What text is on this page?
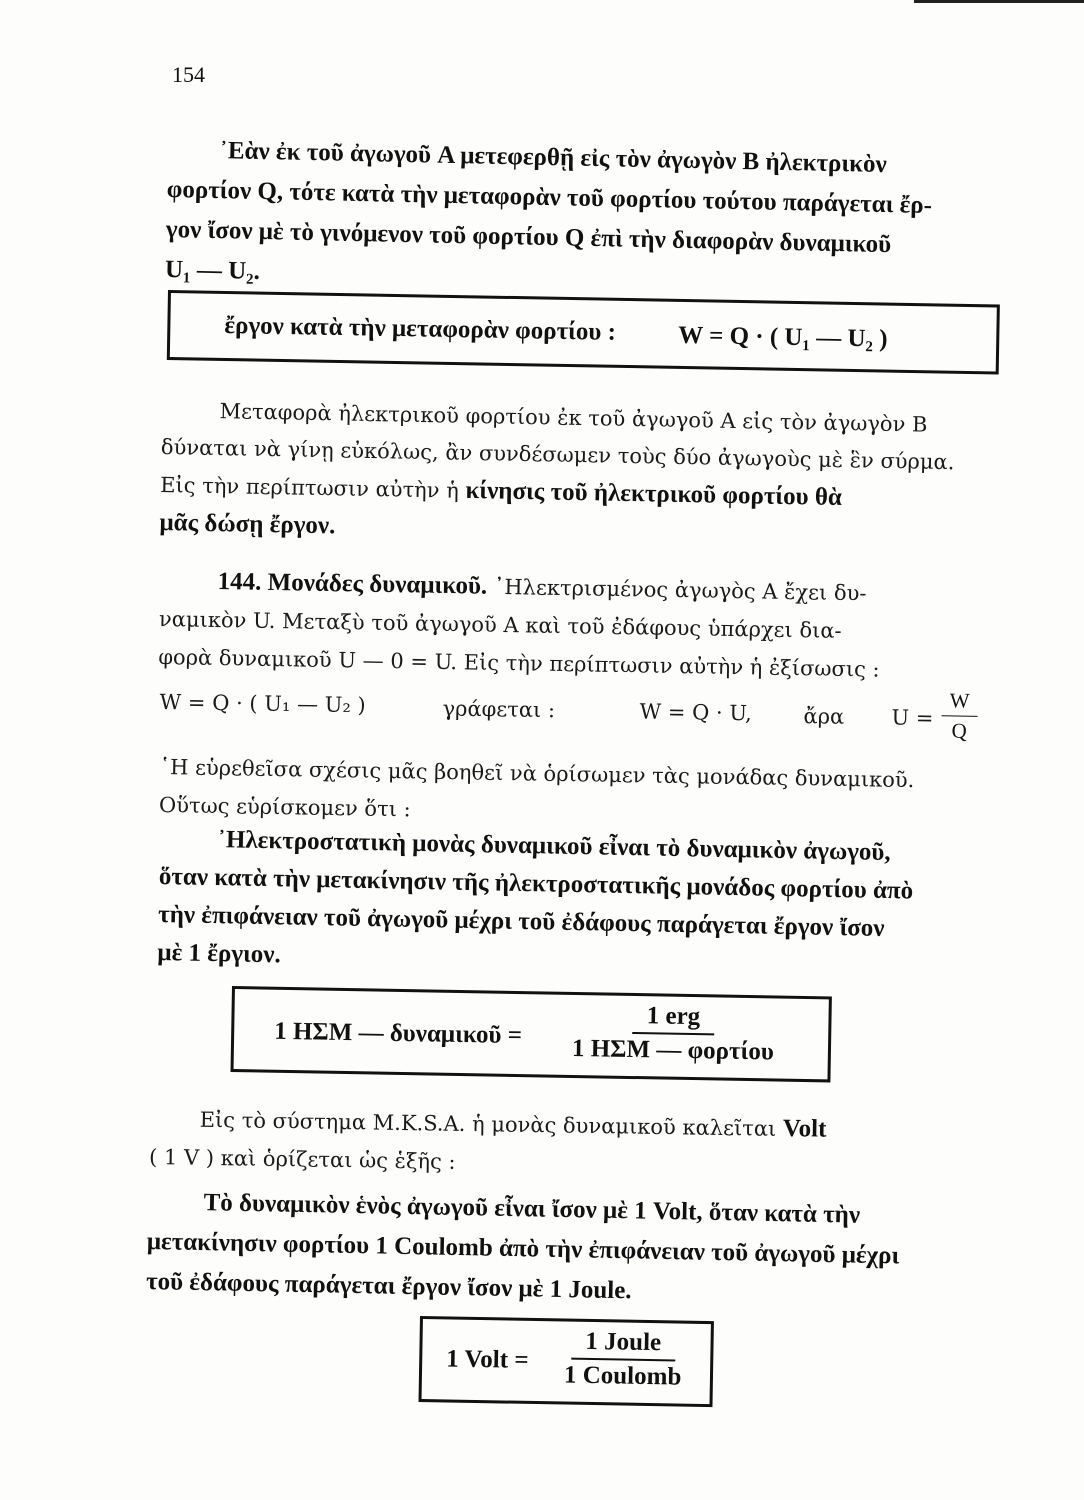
154
᾿Εὰν ἐκ τοῦ ἀγωγοῦ A μετεφερθῇ εἰς τὸν ἀγωγὸν B ἠλεκτρικὸν
φορτίον Q, τότε κατὰ τὴν μεταφορὰν τοῦ φορτίου τούτου παράγεται ἔρ-
γον ἴσον μὲ τὸ γινόμενον τοῦ φορτίου Q ἐπὶ τὴν διαφορὰν δυναμικοῦ
U₁ — U₂.
ἔργον κατὰ τὴν μεταφορὰν φορτίου : W = Q · ( U₁ — U₂ )
Μεταφορὰ ἠλεκτρικοῦ φορτίου ἐκ τοῦ ἀγωγοῦ A εἰς τὸν ἀγωγὸν B
δύναται νὰ γίνῃ εὐκόλως, ἂν συνδέσωμεν τοὺς δύο ἀγωγοὺς μὲ ἓν σύρμα.
Εἰς τὴν περίπτωσιν αὐτὴν ἡ κίνησις τοῦ ἠλεκτρικοῦ φορτίου θὰ
μᾶς δώσῃ ἔργον.
144. Μονάδες δυναμικοῦ. ᾿Ηλεκτρισμένος ἀγωγὸς A ἔχει δυ-
ναμικὸν U. Μεταξὺ τοῦ ἀγωγοῦ A καὶ τοῦ ἐδάφους ὑπάρχει δια-
φορὰ δυναμικοῦ U — 0 = U. Εἰς τὴν περίπτωσιν αὐτὴν ἡ ἐξίσωσις :
W = Q · ( U₁ — U₂ )	γράφεται :	W = Q · U, ἄρα $U = \frac{W}{Q}$
῾Η εὑρεθεῖσα σχέσις μᾶς βοηθεῖ νὰ ὁρίσωμεν τὰς μονάδας δυναμικοῦ.
Οὕτως εὑρίσκομεν ὅτι :
᾿Ηλεκτροστατικὴ μονὰς δυναμικοῦ εἶναι τὸ δυναμικὸν ἀγωγοῦ,
ὅταν κατὰ τὴν μετακίνησιν τῆς ἠλεκτροστατικῆς μονάδος φορτίου ἀπὸ
τὴν ἐπιφάνειαν τοῦ ἀγωγοῦ μέχρι τοῦ ἐδάφους παράγεται ἔργον ἴσον
μὲ 1 ἔργιον.
1 ΗΣΜ — δυναμικοῦ =
1 erg
1 ΗΣΜ — φορτίου
Εἰς τὸ σύστημα M.K.S.A. ἡ μονὰς δυναμικοῦ καλεῖται Volt
( 1 V ) καὶ ὁρίζεται ὡς ἑξῆς :
Τὸ δυναμικὸν ἑνὸς ἀγωγοῦ εἶναι ἴσον μὲ 1 Volt, ὅταν κατὰ τὴν
μετακίνησιν φορτίου 1 Coulomb ἀπὸ τὴν ἐπιφάνειαν τοῦ ἀγωγοῦ μέχρι
τοῦ ἐδάφους παράγεται ἔργον ἴσον μὲ 1 Joule.
1 Volt =
1 Joule
1 Coulomb
